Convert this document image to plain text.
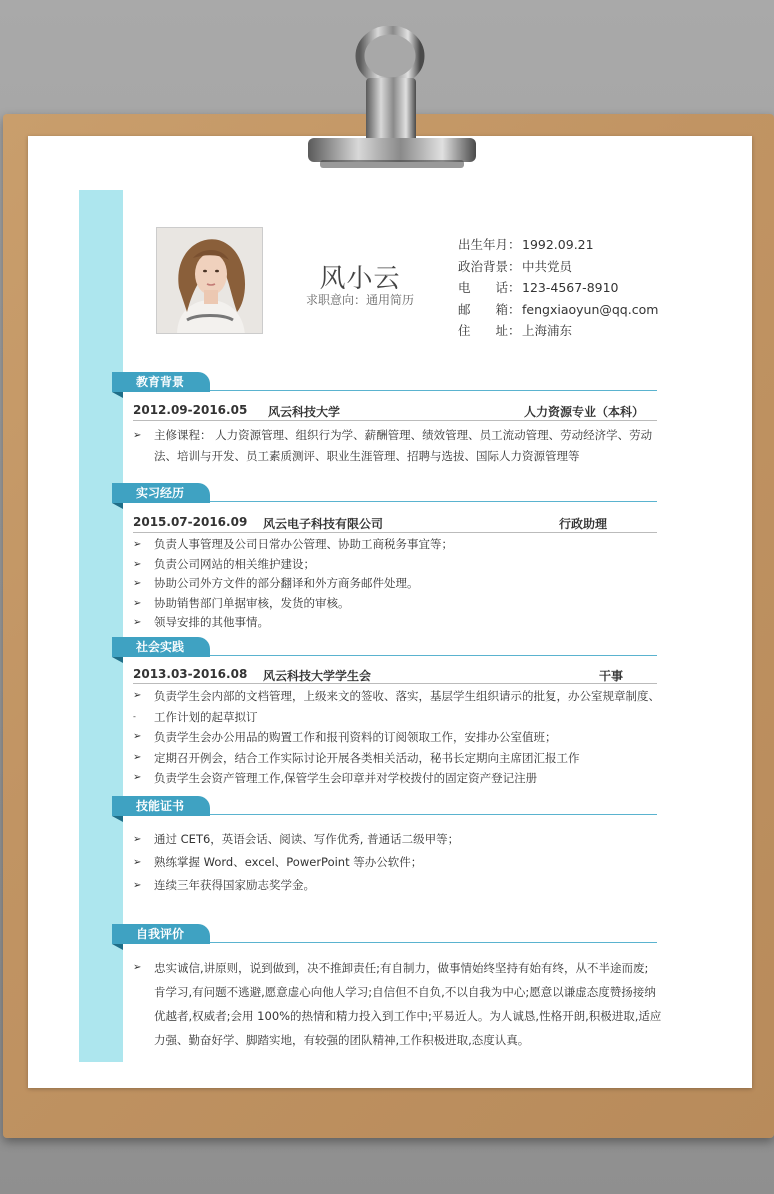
风小云
求职意向：通用简历
出生年月： 1992.09.21
政治背景： 中共党员
电　　话： 123-4567-8910
邮　　箱： fengxiaoyun@qq.com
住　　址： 上海浦东
教育背景
2012.09-2016.05 风云科技大学	人力资源专业（本科）
➢ 主修课程： 人力资源管理、组织行为学、薪酬管理、绩效管理、员工流动管理、劳动经济学、劳动
法、培训与开发、员工素质测评、职业生涯管理、招聘与选拔、国际人力资源管理等
实习经历
2015.07-2016.09 风云电子科技有限公司	行政助理
➢ 负责人事管理及公司日常办公管理、协助工商税务事宜等；
➢ 负责公司网站的相关维护建设；
➢ 协助公司外方文件的部分翻译和外方商务邮件处理。
➢ 协助销售部门单据审核，发货的审核。
➢ 领导安排的其他事情。
社会实践
2013.03-2016.08 风云科技大学学生会	干事
➢ 负责学生会内部的文档管理，上级来文的签收、落实，基层学生组织请示的批复，办公室规章制度、
- 工作计划的起草拟订
➢ 负责学生会办公用品的购置工作和报刊资料的订阅领取工作，安排办公室值班；
➢ 定期召开例会，结合工作实际讨论开展各类相关活动，秘书长定期向主席团汇报工作
➢ 负责学生会资产管理工作,保管学生会印章并对学校拨付的固定资产登记注册
技能证书
➢ 通过 CET6，英语会话、阅读、写作优秀, 普通话二级甲等；
➢ 熟练掌握 Word、excel、PowerPoint 等办公软件；
➢ 连续三年获得国家励志奖学金。
自我评价
➢ 忠实诚信,讲原则，说到做到，决不推卸责任;有自制力，做事情始终坚持有始有终，从不半途而废;
肯学习,有问题不逃避,愿意虚心向他人学习;自信但不自负,不以自我为中心;愿意以谦虚态度赞扬接纳
优越者,权威者;会用 100%的热情和精力投入到工作中;平易近人。为人诚恳,性格开朗,积极进取,适应
力强、勤奋好学、脚踏实地，有较强的团队精神,工作积极进取,态度认真。
